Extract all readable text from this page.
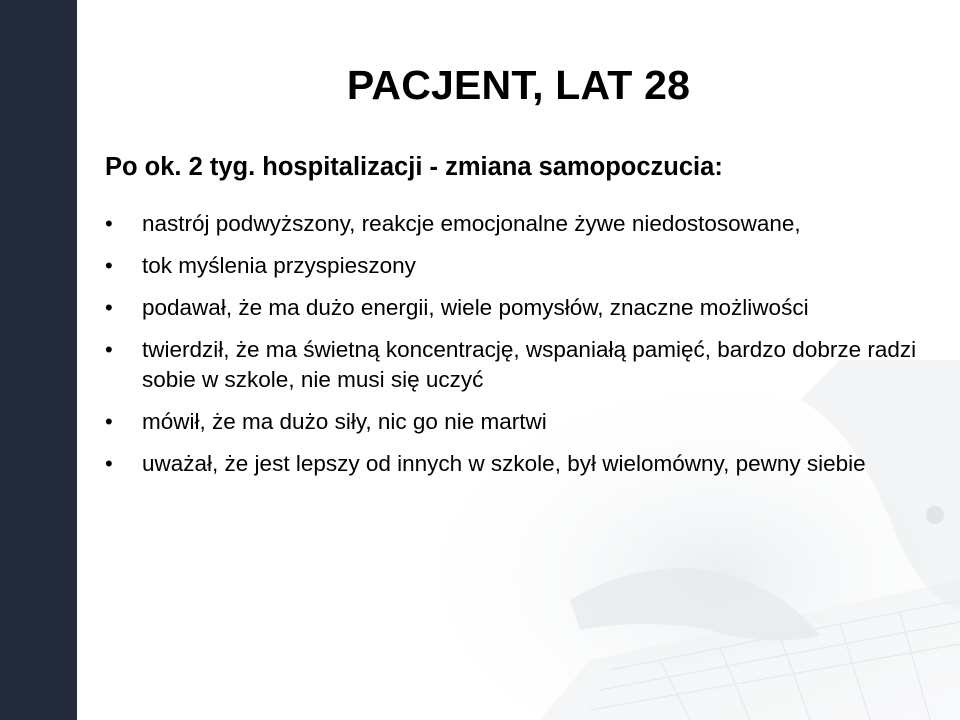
PACJENT, LAT 28
Po ok. 2 tyg. hospitalizacji - zmiana samopoczucia:
• nastrój podwyższony, reakcje emocjonalne żywe niedostosowane,
• tok myślenia przyspieszony
• podawał, że ma dużo energii, wiele pomysłów, znaczne możliwości
• twierdził, że ma świetną koncentrację, wspaniałą pamięć, bardzo dobrze radzi sobie w szkole, nie musi się uczyć
• mówił, że ma dużo siły, nic go nie martwi
• uważał, że jest lepszy od innych w szkole, był wielomówny, pewny siebie
